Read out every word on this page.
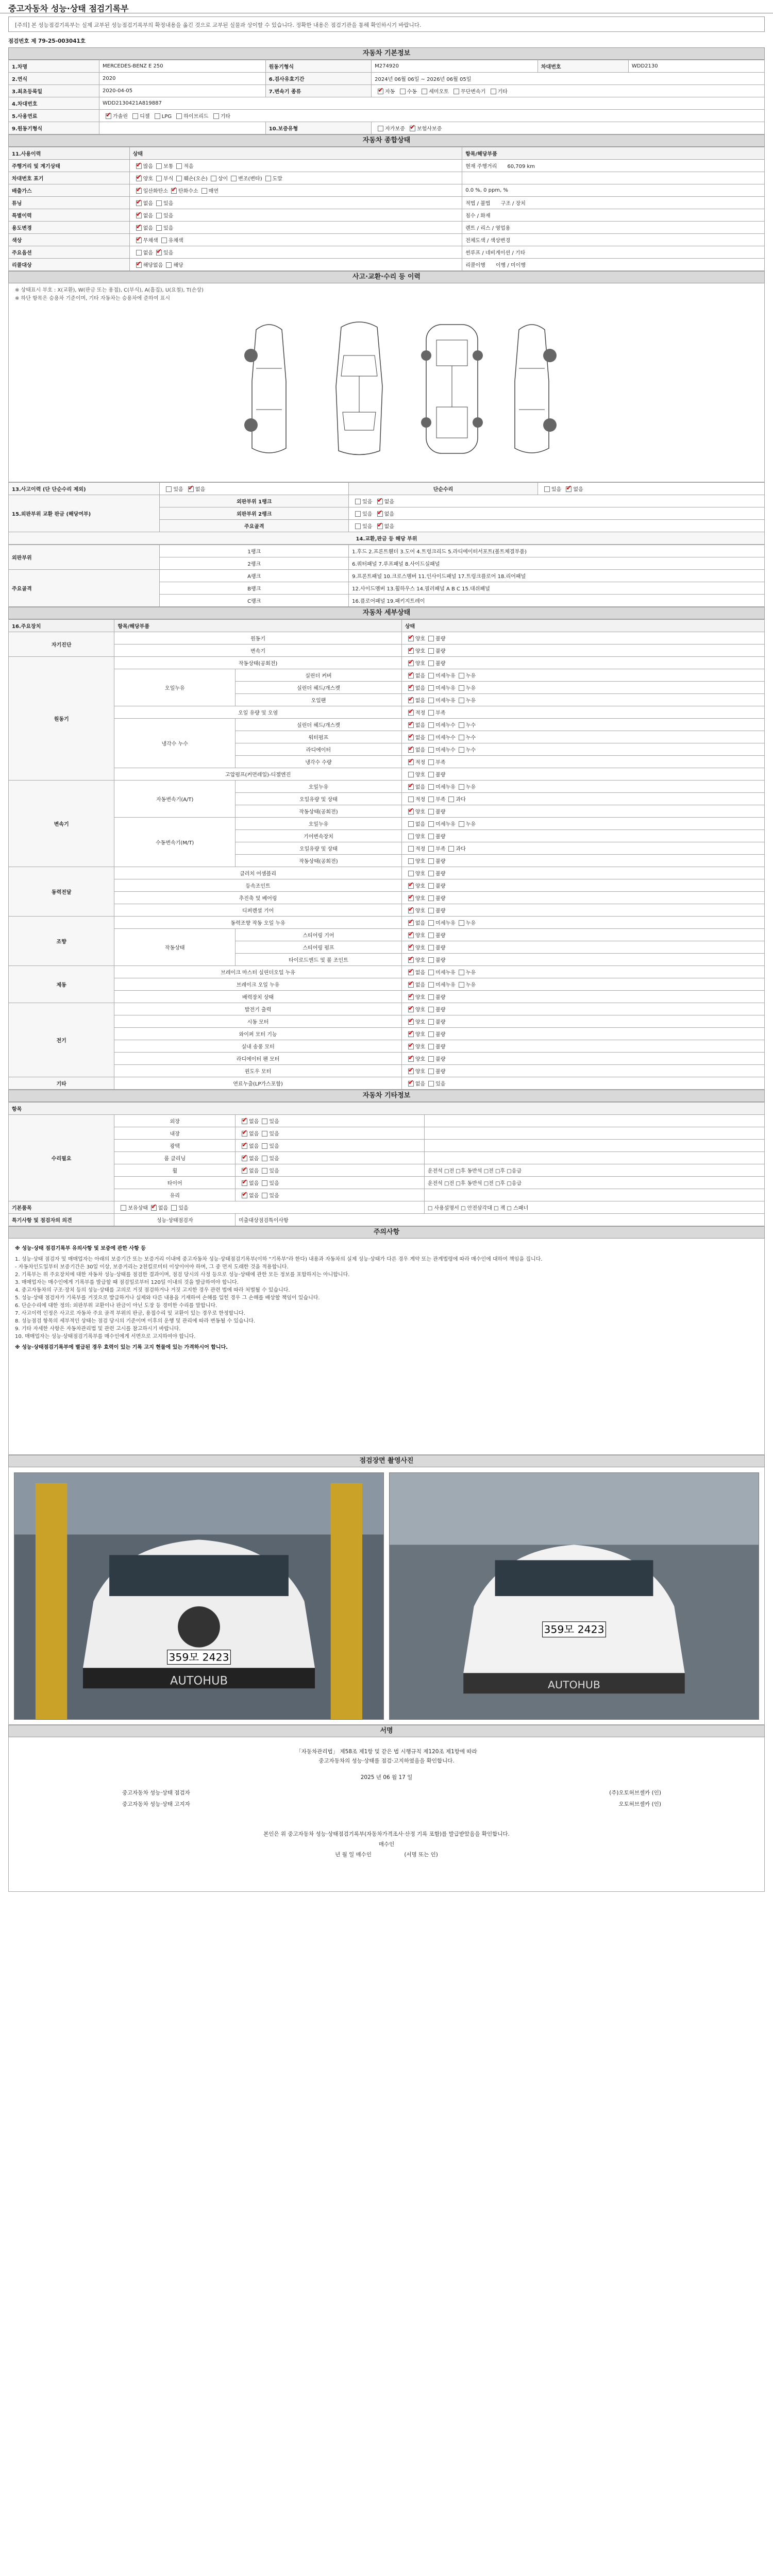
중고자동차 성능·상태 점검기록부
[주의] 본 성능점검기록부는 실제 교부된 성능점검기록부의 확정내용을 옮긴 것으로 교부된 실물과 상이할 수 있습니다. 정확한 내용은 점검기관을 통해 확인하시기 바랍니다.
점검번호 제 79-25-003041호
자동차 기본정보
1.차명	MERCEDES-BENZ E 250	원동기형식	M274920	차대번호	WDD2130
2.연식	2020	6.검사유효기간	2024년 06월 06일 ~ 2026년 06월 05일		
3.최초등록일	2020-04-05	7.변속기 종류	✔자동 수동 세미오토 무단변속기 기타
4.차대번호	WDD2130421A819887				
5.사용연료	✔가솔린 디젤 LPG 하이브리드 기타
9.원동기형식		10.보증유형	자가보증 ✔ 보험사보증
자동차 종합상태
11.사용이력	상태	항목/해당부품
주행거리 및 계기상태	✔많음 보통 적음	현재 주행거리 60,709 km
차대번호 표기	✔양호 부식 훼손(오손) 상이 변조(변타) 도말	
배출가스	✔일산화탄소 ✔ 탄화수소 매연	0.0 %, 0 ppm, %
튜닝	✔없음 있음	적법 / 불법 구조 / 장치
특별이력	✔없음 있음	침수 / 화재
용도변경	✔없음 있음	렌트 / 리스 / 영업용
색상	✔무채색 유채색	전체도색 / 색상변경
주요옵션	없음 ✔ 있음	썬루프 / 네비게이션 / 기타
리콜대상	✔해당없음 해당	리콜이행 이행 / 미이행
사고·교환·수리 등 이력
※ 상태표시 부호 : X(교환), W(판금 또는 용접), C(부식), A(흠집), U(요철), T(손상)
※ 하단 항목은 승용차 기준이며, 기타 자동차는 승용차에 준하여 표시
13.사고이력 (단 단순수리 제외)	있음 ✔ 없음	단순수리	있음 ✔ 없음
15.외판부위 교환 판금 (해당여부)	외판부위 1랭크	있음 ✔ 없음
	외판부위 2랭크	있음 ✔ 없음
	주요골격	있음 ✔ 없음
14.교환,판금 등 해당 부위			
외판부위	1랭크	1.후드 2.프론트휀더 3.도어 4.트렁크리드 5.라디에이터서포트(볼트체결부품)
	2랭크	6.쿼터패널 7.루프패널 8.사이드실패널
주요골격	A랭크	9.프론트패널 10.크로스멤버 11.인사이드패널 17.트렁크플로어 18.리어패널
	B랭크	12.사이드멤버 13.휠하우스 14.필러패널 A B C 15.대쉬패널
	C랭크	16.플로어패널 19.패키지트레이
자동차 세부상태
16.주요장치	항목/해당부품		상태
자기진단	원동기	✔양호 불량
	변속기	✔양호 불량
원동기	작동상태(공회전)	✔양호 불량
	오일누유	실린더 커버	✔없음 미세누유 누유
		실린더 헤드/개스켓	✔없음 미세누유 누유
		오일팬	✔없음 미세누유 누유
	오일 유량 및 오염	✔적정 부족
	냉각수 누수	실린더 헤드/개스켓	✔없음 미세누수 누수
		워터펌프	✔없음 미세누수 누수
		라디에이터	✔없음 미세누수 누수
		냉각수 수량	✔적정 부족
	고압펌프(커먼레일)-디젤엔진		양호 불량
변속기	자동변속기(A/T)	오일누유	✔없음 미세누유 누유
		오일유량 및 상태	적정 부족 과다
		작동상태(공회전)	✔양호 불량
	수동변속기(M/T)	오일누유	없음 미세누유 누유
		기어변속장치	양호 불량
		오일유량 및 상태	적정 부족 과다
		작동상태(공회전)	양호 불량
동력전달	클러치 어셈블리		양호 불량
	등속조인트	✔양호 불량
	추진축 및 베어링	✔양호 불량
	디퍼렌셜 기어	✔양호 불량
조향	동력조향 작동 오일 누유	✔없음 미세누유 누유
	작동상태	스티어링 기어	✔양호 불량
		스티어링 펌프	✔양호 불량
		타이로드엔드 및 볼 조인트	✔양호 불량
제동	브레이크 마스터 실린더오일 누유	✔없음 미세누유 누유
	브레이크 오일 누유	✔없음 미세누유 누유
	배력장치 상태	✔양호 불량
전기	발전기 출력	✔양호 불량
	시동 모터	✔양호 불량
	와이퍼 모터 기능	✔양호 불량
	실내 송풍 모터	✔양호 불량
	라디에이터 팬 모터	✔양호 불량
	윈도우 모터	✔양호 불량
기타	연료누출(LP가스포함)	✔없음 있음
자동차 기타정보
항목			
수리필요	외장	✔없음 있음	
	내장	✔없음 있음	
	광택	✔없음 있음	
	룸 클리닝	✔없음 있음	
	휠	✔없음 있음	운전석 □전 □후 동반석 □전 □후 □응급
	타이어	✔없음 있음	운전석 □전 □후 동반석 □전 □후 □응급
	유리	✔없음 있음	
기본품목	보유상태 ✔ 없음 있음		□ 사용설명서 □ 안전삼각대 □ 잭 □ 스패너
특기사항 및 점검자의 의견	성능·상태점검자	미출대상점검특이사항	
주의사항
※ 성능·상태 점검기록부 유의사항 및 보증에 관한 사항 등
1. 성능·상태 점검자 및 매매업자는 아래의 보증기간 또는 보증거리 이내에 중고자동차 성능·상태점검기록부(이하 "기록부"라 한다) 내용과 자동차의 실제 성능·상태가 다른 경우 계약 또는 관계법령에 따라 매수인에 대하여 책임을 집니다.
- 자동차인도일부터 보증기간은 30일 이상, 보증거리는 2천킬로미터 이상이어야 하며, 그 중 먼저 도래한 것을 적용합니다.
2. 기록부는 위 주요장치에 대한 자동차 성능·상태를 점검한 결과이며, 점검 당시의 사정 등으로 성능·상태에 관한 모든 정보를 포함하지는 아니합니다.
3. 매매업자는 매수인에게 기록부를 발급할 때 점검일로부터 120일 이내의 것을 발급하여야 합니다.
4. 중고자동차의 구조·장치 등의 성능·상태를 고의로 거짓 점검하거나 거짓 고지한 경우 관련 법에 따라 처벌될 수 있습니다.
5. 성능·상태 점검자가 기록부를 거짓으로 발급하거나 실제와 다른 내용을 기재하여 손해를 입힌 경우 그 손해를 배상할 책임이 있습니다.
6. 단순수리에 대한 정의: 외판부위 교환이나 판금이 아닌 도장 등 경미한 수리를 말합니다.
7. 사고이력 인정은 사고로 자동차 주요 골격 부위의 판금, 용접수리 및 교환이 있는 경우로 한정합니다.
8. 성능점검 항목의 세부적인 상태는 점검 당시의 기준이며 이후의 운행 및 관리에 따라 변동될 수 있습니다.
9. 기타 자세한 사항은 자동차관리법 및 관련 고시를 참고하시기 바랍니다.
10. 매매업자는 성능·상태점검기록부를 매수인에게 서면으로 고지하여야 합니다.
※ 성능·상태점검기록부에 별급된 경우 효력이 있는 기록 고지 현물에 있는 가격하시어 합니다.
점검장면 촬영사진
359모 2423
AUTOHUB
359모 2423
AUTOHUB
서명
「자동차관리법」 제58조 제1항 및 같은 법 시행규칙 제120조 제1항에 따라
중고자동차의 성능·상태를 점검·고지하였음을 확인합니다.
2025 년 06 월 17 일
중고자동차 성능·상태 점검자	(주)오토허브셀카 (인)
중고자동차 성능·상태 고지자	오토허브셀카 (인)
본인은 위 중고자동차 성능·상태점검기록부(자동차가격조사·산정 기록 포함)를 발급받았음을 확인합니다.
매수인
년 월 일 매수인	(서명 또는 인)
